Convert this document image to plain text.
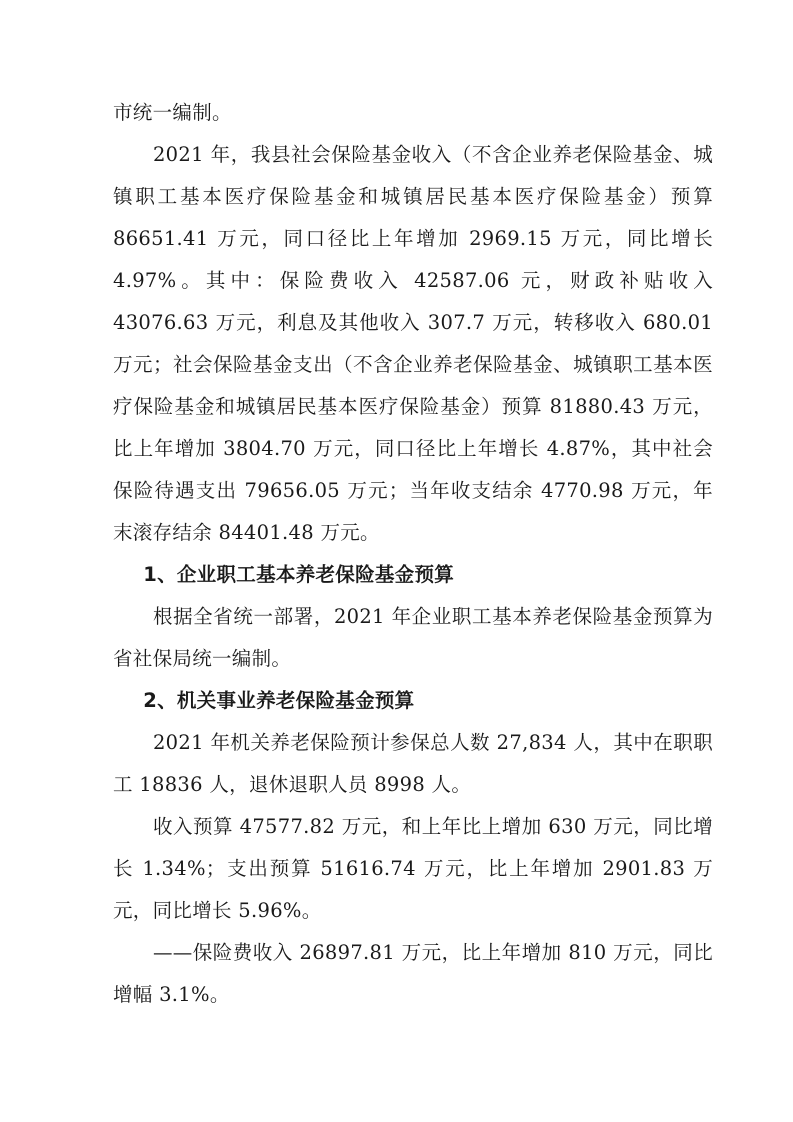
市统一编制。

2021 年，我县社会保险基金收入（不含企业养老保险基金、城镇职工基本医疗保险基金和城镇居民基本医疗保险基金）预算 86651.41 万元，同口径比上年增加 2969.15 万元，同比增长 4.97%。其中：保险费收入 42587.06 元，财政补贴收入 43076.63 万元，利息及其他收入 307.7 万元，转移收入 680.01 万元；社会保险基金支出（不含企业养老保险基金、城镇职工基本医疗保险基金和城镇居民基本医疗保险基金）预算 81880.43 万元，比上年增加 3804.70 万元，同口径比上年增长 4.87%，其中社会保险待遇支出 79656.05 万元；当年收支结余 4770.98 万元，年末滚存结余 84401.48 万元。

1、企业职工基本养老保险基金预算

根据全省统一部署，2021 年企业职工基本养老保险基金预算为省社保局统一编制。

2、机关事业养老保险基金预算

2021 年机关养老保险预计参保总人数 27,834 人，其中在职职工 18836 人，退休退职人员 8998 人。

收入预算 47577.82 万元，和上年比上增加 630 万元，同比增长 1.34%；支出预算 51616.74 万元，比上年增加 2901.83 万元，同比增长 5.96%。

——保险费收入 26897.81 万元，比上年增加 810 万元，同比增幅 3.1%。
